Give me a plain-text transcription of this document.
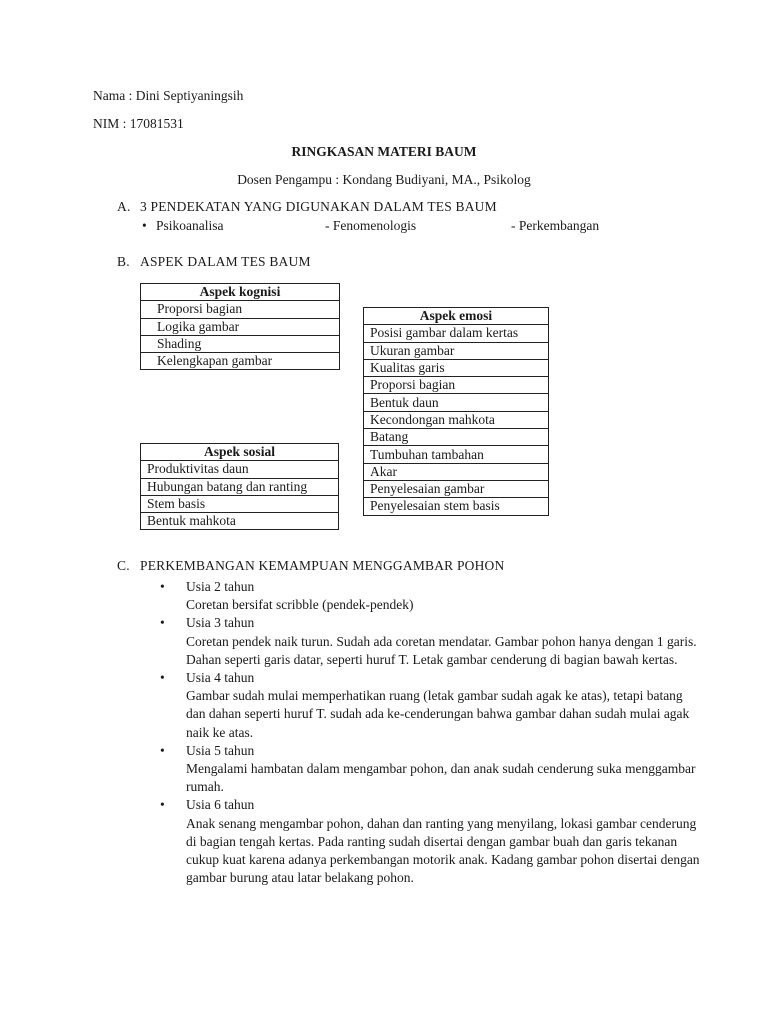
Nama : Dini Septiyaningsih
NIM : 17081531
RINGKASAN MATERI BAUM
Dosen Pengampu : Kondang Budiyani, MA., Psikolog
A. 3 PENDEKATAN YANG DIGUNAKAN DALAM TES BAUM
• Psikoanalisa	- Fenomenologis	- Perkembangan
B. ASPEK DALAM TES BAUM
Aspek kognisi
Proporsi bagian
Logika gambar
Shading
Kelengkapan gambar
Aspek emosi
Posisi gambar dalam kertas
Ukuran gambar
Kualitas garis
Proporsi bagian
Bentuk daun
Kecondongan mahkota
Batang
Tumbuhan tambahan
Akar
Penyelesaian gambar
Penyelesaian stem basis
Aspek sosial
Produktivitas daun
Hubungan batang dan ranting
Stem basis
Bentuk mahkota
C. PERKEMBANGAN KEMAMPUAN MENGGAMBAR POHON
• Usia 2 tahun

Coretan bersifat scribble (pendek-pendek)

• Usia 3 tahun

Coretan pendek naik turun. Sudah ada coretan mendatar. Gambar pohon hanya dengan 1 garis. Dahan seperti garis datar, seperti huruf T. Letak gambar cenderung di bagian bawah kertas.

• Usia 4 tahun

Gambar sudah mulai memperhatikan ruang (letak gambar sudah agak ke atas), tetapi batang dan dahan seperti huruf T. sudah ada ke-cenderungan bahwa gambar dahan sudah mulai agak naik ke atas.

• Usia 5 tahun

Mengalami hambatan dalam mengambar pohon, dan anak sudah cenderung suka menggambar rumah.

• Usia 6 tahun

Anak senang mengambar pohon, dahan dan ranting yang menyilang, lokasi gambar cenderung di bagian tengah kertas. Pada ranting sudah disertai dengan gambar buah dan garis tekanan cukup kuat karena adanya perkembangan motorik anak. Kadang gambar pohon disertai dengan gambar burung atau latar belakang pohon.
